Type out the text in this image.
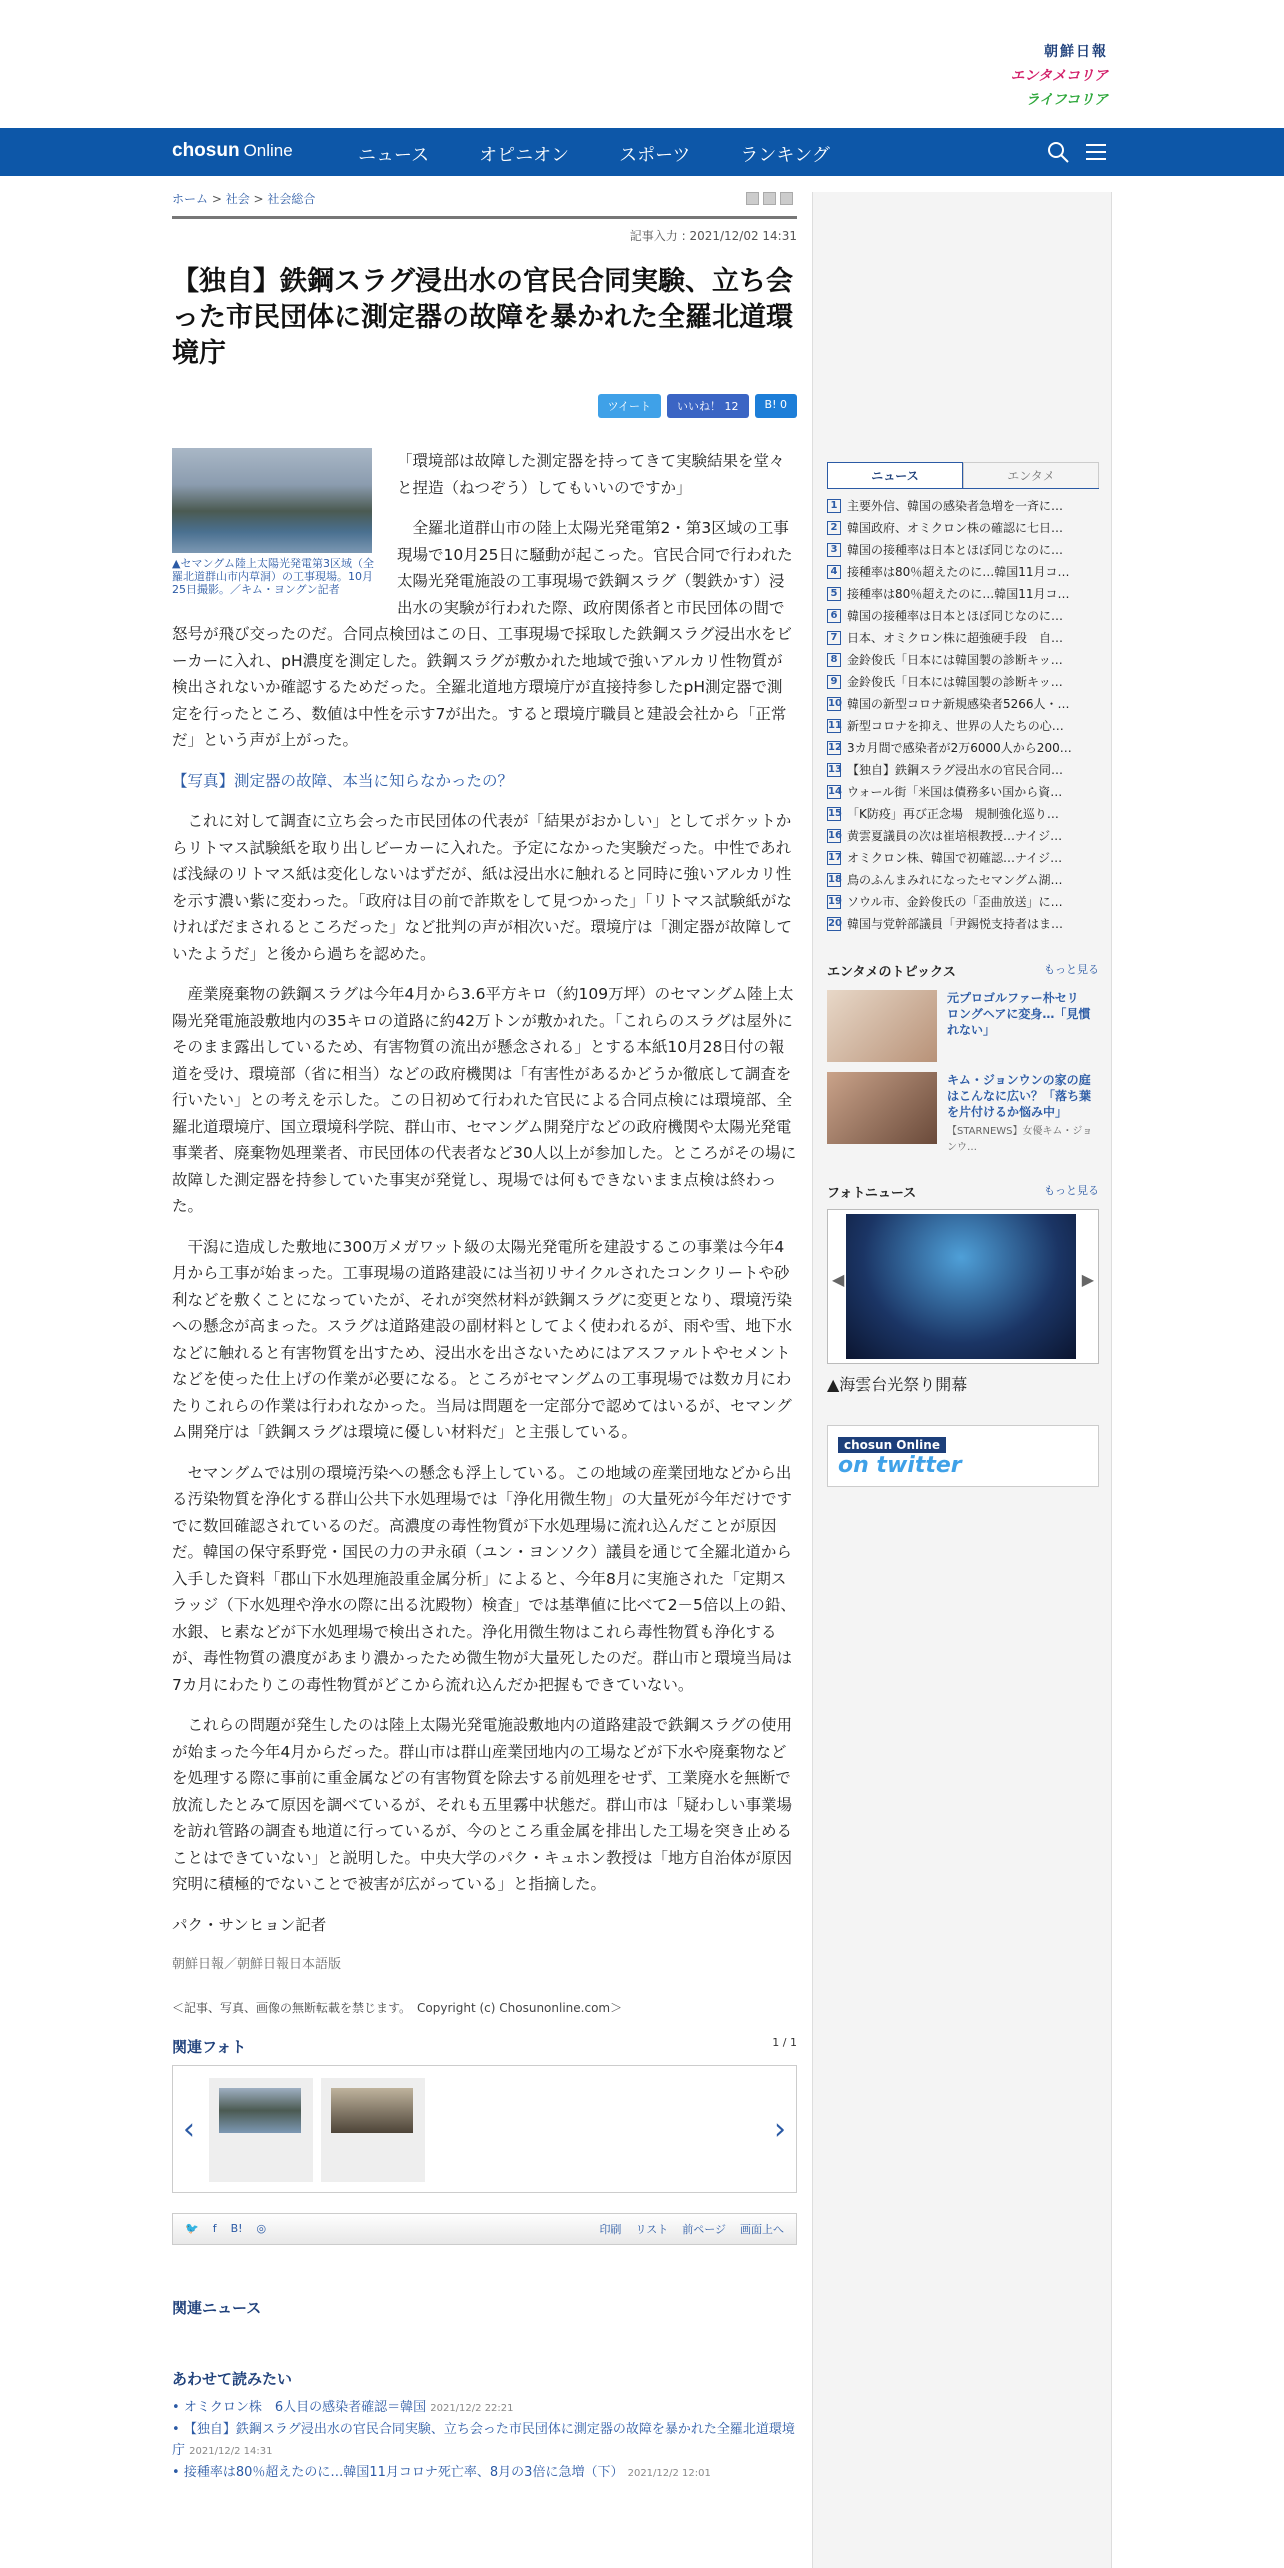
朝鮮日報
エンタメコリア
ライフコリア
chosun Online	ニュース	オピニオン	スポーツ	ランキング
ホーム > 社会 > 社会総合
記事入力 : 2021/12/02 14:31
【独自】鉄鋼スラグ浸出水の官民合同実験、立ち会った市民団体に測定器の故障を暴かれた全羅北道環境庁
ツイート	いいね！ 12	B! 0
▲セマングム陸上太陽光発電第3区域（全羅北道群山市内草洞）の工事現場。10月25日撮影。／キム・ヨングン記者

「環境部は故障した測定器を持ってきて実験結果を堂々と捏造（ねつぞう）してもいいのですか」

全羅北道群山市の陸上太陽光発電第2・第3区域の工事現場で10月25日に騒動が起こった。官民合同で行われた太陽光発電施設の工事現場で鉄鋼スラグ（製鉄かす）浸出水の実験が行われた際、政府関係者と市民団体の間で怒号が飛び交ったのだ。合同点検団はこの日、工事現場で採取した鉄鋼スラグ浸出水をビーカーに入れ、pH濃度を測定した。鉄鋼スラグが敷かれた地域で強いアルカリ性物質が検出されないか確認するためだった。全羅北道地方環境庁が直接持参したpH測定器で測定を行ったところ、数値は中性を示す7が出た。すると環境庁職員と建設会社から「正常だ」という声が上がった。

【写真】測定器の故障、本当に知らなかったの？

これに対して調査に立ち会った市民団体の代表が「結果がおかしい」としてポケットからリトマス試験紙を取り出しビーカーに入れた。予定になかった実験だった。中性であれば浅緑のリトマス紙は変化しないはずだが、紙は浸出水に触れると同時に強いアルカリ性を示す濃い紫に変わった。「政府は目の前で詐欺をして見つかった」「リトマス試験紙がなければだまされるところだった」など批判の声が相次いだ。環境庁は「測定器が故障していたようだ」と後から過ちを認めた。

産業廃棄物の鉄鋼スラグは今年4月から3.6平方キロ（約109万坪）のセマングム陸上太陽光発電施設敷地内の35キロの道路に約42万トンが敷かれた。「これらのスラグは屋外にそのまま露出しているため、有害物質の流出が懸念される」とする本紙10月28日付の報道を受け、環境部（省に相当）などの政府機関は「有害性があるかどうか徹底して調査を行いたい」との考えを示した。この日初めて行われた官民による合同点検には環境部、全羅北道環境庁、国立環境科学院、群山市、セマングム開発庁などの政府機関や太陽光発電事業者、廃棄物処理業者、市民団体の代表者など30人以上が参加した。ところがその場に故障した測定器を持参していた事実が発覚し、現場では何もできないまま点検は終わった。

干潟に造成した敷地に300万メガワット級の太陽光発電所を建設するこの事業は今年4月から工事が始まった。工事現場の道路建設には当初リサイクルされたコンクリートや砂利などを敷くことになっていたが、それが突然材料が鉄鋼スラグに変更となり、環境汚染への懸念が高まった。スラグは道路建設の副材料としてよく使われるが、雨や雪、地下水などに触れると有害物質を出すため、浸出水を出さないためにはアスファルトやセメントなどを使った仕上げの作業が必要になる。ところがセマングムの工事現場では数カ月にわたりこれらの作業は行われなかった。当局は問題を一定部分で認めてはいるが、セマングム開発庁は「鉄鋼スラグは環境に優しい材料だ」と主張している。

セマングムでは別の環境汚染への懸念も浮上している。この地域の産業団地などから出る汚染物質を浄化する群山公共下水処理場では「浄化用微生物」の大量死が今年だけですでに数回確認されているのだ。高濃度の毒性物質が下水処理場に流れ込んだことが原因だ。韓国の保守系野党・国民の力の尹永碩（ユン・ヨンソク）議員を通じて全羅北道から入手した資料「郡山下水処理施設重金属分析」によると、今年8月に実施された「定期スラッジ（下水処理や浄水の際に出る沈殿物）検査」では基準値に比べて2－5倍以上の鉛、水銀、ヒ素などが下水処理場で検出された。浄化用微生物はこれら毒性物質も浄化するが、毒性物質の濃度があまり濃かったため微生物が大量死したのだ。群山市と環境当局は7カ月にわたりこの毒性物質がどこから流れ込んだか把握もできていない。

これらの問題が発生したのは陸上太陽光発電施設敷地内の道路建設で鉄鋼スラグの使用が始まった今年4月からだった。群山市は群山産業団地内の工場などが下水や廃棄物などを処理する際に事前に重金属などの有害物質を除去する前処理をせず、工業廃水を無断で放流したとみて原因を調べているが、それも五里霧中状態だ。群山市は「疑わしい事業場を訪れ管路の調査も地道に行っているが、今のところ重金属を排出した工場を突き止めることはできていない」と説明した。中央大学のパク・キュホン教授は「地方自治体が原因究明に積極的でないことで被害が広がっている」と指摘した。

パク・サンヒョン記者

朝鮮日報／朝鮮日報日本語版

＜記事、写真、画像の無断転載を禁じます。　Copyright (c) Chosunonline.com＞
関連フォト	1 / 1
‹	›
🐦 f B! ◎	印刷 リスト 前ページ 画面上へ
関連ニュース
あわせて読みたい
• オミクロン株　6人目の感染者確認＝韓国 2021/12/2 22:21
• 【独自】鉄鋼スラグ浸出水の官民合同実験、立ち会った市民団体に測定器の故障を暴かれた全羅北道環境庁 2021/12/2 14:31
• 接種率は80％超えたのに…韓国11月コロナ死亡率、8月の3倍に急増（下） 2021/12/2 12:01
ニュース	エンタメ
1 主要外信、韓国の感染者急増を一斉に…
2 韓国政府、オミクロン株の確認に七日…
3 韓国の接種率は日本とほぼ同じなのに…
4 接種率は80％超えたのに…韓国11月コ…
5 接種率は80％超えたのに…韓国11月コ…
6 韓国の接種率は日本とほぼ同じなのに…
7 日本、オミクロン株に超強硬手段　自…
8 金鈴俊氏「日本には韓国製の診断キッ…
9 金鈴俊氏「日本には韓国製の診断キッ…
10 韓国の新型コロナ新規感染者5266人・…
11 新型コロナを抑え、世界の人たちの心…
12 3カ月間で感染者が2万6000人から200…
13 【独自】鉄鋼スラグ浸出水の官民合同…
14 ウォール街「米国は債務多い国から資…
15 「K防疫」再び正念場　規制強化巡り…
16 黄雲夏議員の次は崔培根教授…ナイジ…
17 オミクロン株、韓国で初確認…ナイジ…
18 鳥のふんまみれになったセマングム湖…
19 ソウル市、金鈴俊氏の「歪曲放送」に…
20 韓国与党幹部議員「尹錫悦支持者はま…
エンタメのトピックス	もっと見る
元プロゴルファー朴セリ　ロングヘアに変身…「見慣れない」
キム・ジョンウンの家の庭はこんなに広い？「落ち葉を片付けるか悩み中」
【STARNEWS】女優キム・ジョンウ…
フォトニュース	もっと見る
◀	▶
▲海雲台光祭り開幕
chosun Online
on twitter
